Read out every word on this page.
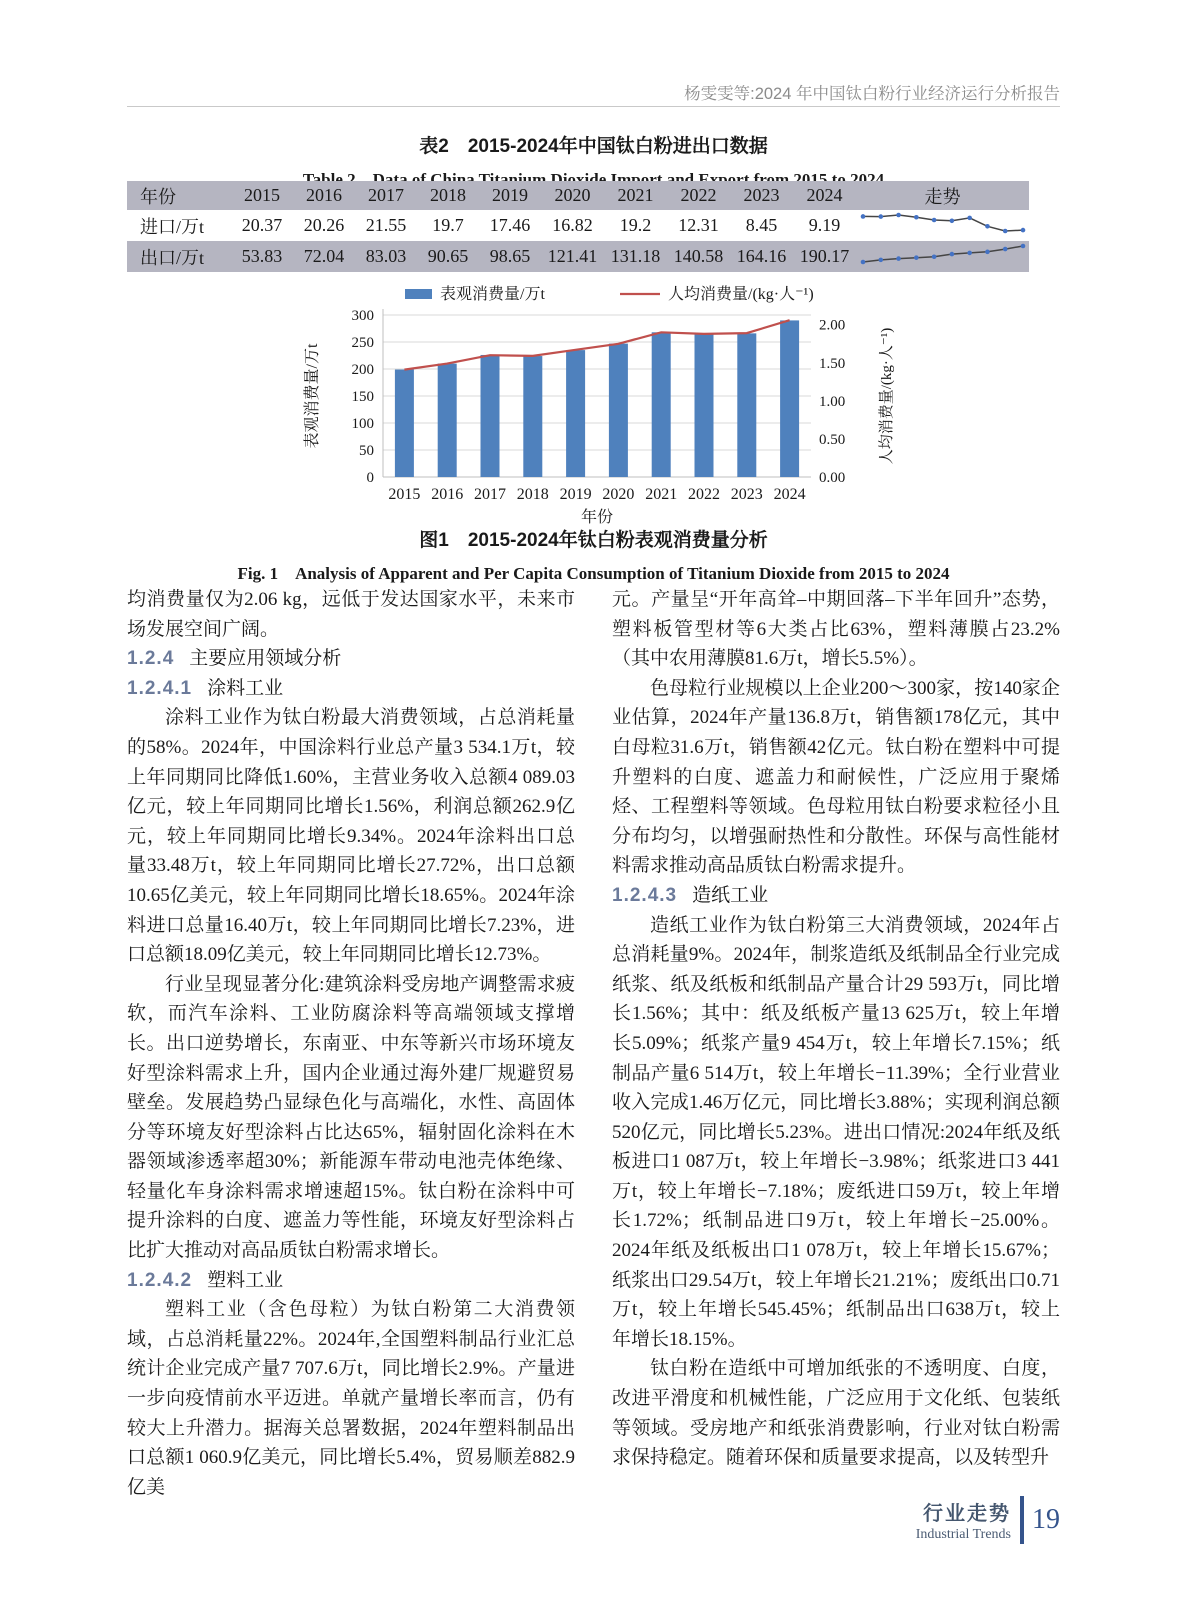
杨雯雯等:2024 年中国钛白粉行业经济运行分析报告
表2　2015-2024年中国钛白粉进出口数据
Table 2　Data of China Titanium Dioxide Import and Export from 2015 to 2024
年份	2015	2016	2017	2018	2019	2020	2021	2022	2023	2024	走势
进口/万t	20.37	20.26	21.55	19.7	17.46	16.82	19.2	12.31	8.45	9.19	
出口/万t	53.83	72.04	83.03	90.65	98.65	121.41	131.18	140.58	164.16	190.17	
0
50
100
150
200
250
300
0.00
0.50
1.00
1.50
2.00
2015 2016 2017 2018 2019 2020 2021 2022 2023 2024
年份
表观消费量/万t	人均消费量/(kg·人⁻¹)
表观消费量/万t	人均消费量/(kg·人⁻¹)
图1　2015-2024年钛白粉表观消费量分析
Fig. 1　Analysis of Apparent and Per Capita Consumption of Titanium Dioxide from 2015 to 2024

均消费量仅为2.06 kg，远低于发达国家水平，未来市场发展空间广阔。

1.2.4 主要应用领域分析
1.2.4.1 涂料工业

涂料工业作为钛白粉最大消费领域，占总消耗量的58%。2024年，中国涂料行业总产量3 534.1万t，较上年同期同比降低1.60%，主营业务收入总额4 089.03亿元，较上年同期同比增长1.56%，利润总额262.9亿元，较上年同期同比增长9.34%。2024年涂料出口总量33.48万t，较上年同期同比增长27.72%，出口总额10.65亿美元，较上年同期同比增长18.65%。2024年涂料进口总量16.40万t，较上年同期同比增长7.23%，进口总额18.09亿美元，较上年同期同比增长12.73%。

行业呈现显著分化:建筑涂料受房地产调整需求疲软，而汽车涂料、工业防腐涂料等高端领域支撑增长。出口逆势增长，东南亚、中东等新兴市场环境友好型涂料需求上升，国内企业通过海外建厂规避贸易壁垒。发展趋势凸显绿色化与高端化，水性、高固体分等环境友好型涂料占比达65%，辐射固化涂料在木器领域渗透率超30%；新能源车带动电池壳体绝缘、轻量化车身涂料需求增速超15%。钛白粉在涂料中可提升涂料的白度、遮盖力等性能，环境友好型涂料占比扩大推动对高品质钛白粉需求增长。

1.2.4.2 塑料工业

塑料工业（含色母粒）为钛白粉第二大消费领域，占总消耗量22%。2024年,全国塑料制品行业汇总统计企业完成产量7 707.6万t，同比增长2.9%。产量进一步向疫情前水平迈进。单就产量增长率而言，仍有较大上升潜力。据海关总署数据，2024年塑料制品出口总额1 060.9亿美元，同比增长5.4%，贸易顺差882.9亿美

元。产量呈“开年高耸–中期回落–下半年回升”态势，塑料板管型材等6大类占比63%，塑料薄膜占23.2%（其中农用薄膜81.6万t，增长5.5%）。

色母粒行业规模以上企业200～300家，按140家企业估算，2024年产量136.8万t，销售额178亿元，其中白母粒31.6万t，销售额42亿元。钛白粉在塑料中可提升塑料的白度、遮盖力和耐候性，广泛应用于聚烯烃、工程塑料等领域。色母粒用钛白粉要求粒径小且分布均匀，以增强耐热性和分散性。环保与高性能材料需求推动高品质钛白粉需求提升。

1.2.4.3 造纸工业

造纸工业作为钛白粉第三大消费领域，2024年占总消耗量9%。2024年，制浆造纸及纸制品全行业完成纸浆、纸及纸板和纸制品产量合计29 593万t，同比增长1.56%；其中：纸及纸板产量13 625万t，较上年增长5.09%；纸浆产量9 454万t，较上年增长7.15%；纸制品产量6 514万t，较上年增长−11.39%；全行业营业收入完成1.46万亿元，同比增长3.88%；实现利润总额520亿元，同比增长5.23%。进出口情况:2024年纸及纸板进口1 087万t，较上年增长−3.98%；纸浆进口3 441万t，较上年增长−7.18%；废纸进口59万t，较上年增长1.72%；纸制品进口9万t，较上年增长−25.00%。2024年纸及纸板出口1 078万t，较上年增长15.67%；纸浆出口29.54万t，较上年增长21.21%；废纸出口0.71万t，较上年增长545.45%；纸制品出口638万t，较上年增长18.15%。

钛白粉在造纸中可增加纸张的不透明度、白度，改进平滑度和机械性能，广泛应用于文化纸、包装纸等领域。受房地产和纸张消费影响，行业对钛白粉需求保持稳定。随着环保和质量要求提高，以及转型升

行业走势
Industrial Trends 19
